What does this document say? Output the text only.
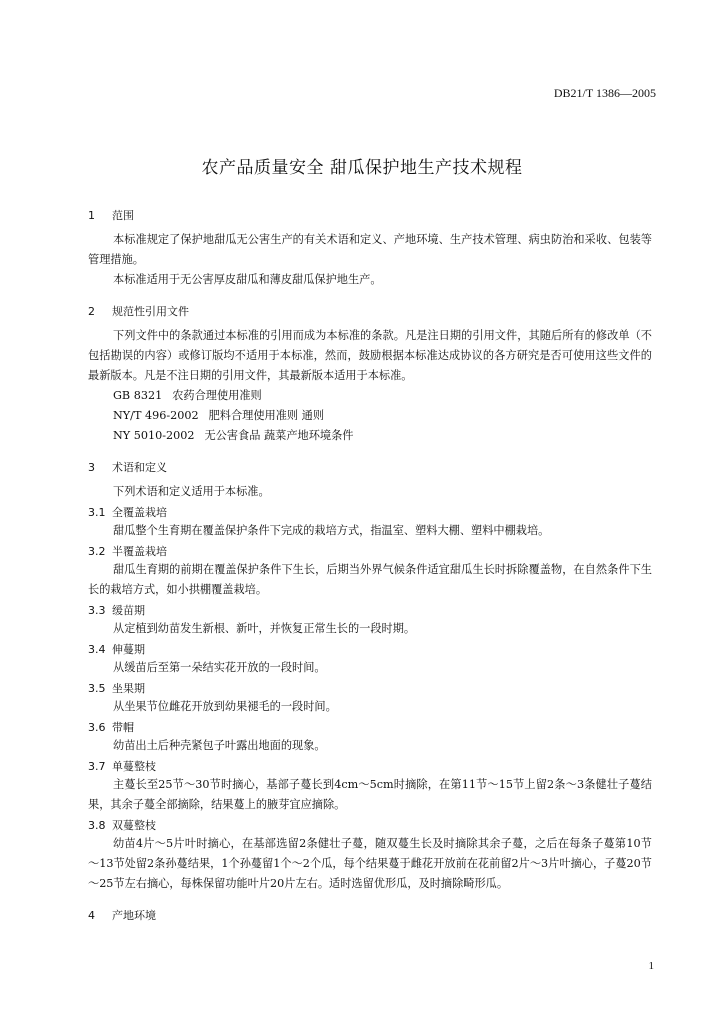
DB21/T 1386—2005
农产品质量安全 甜瓜保护地生产技术规程
1 范围
本标准规定了保护地甜瓜无公害生产的有关术语和定义、产地环境、生产技术管理、病虫防治和采收、包装等管理措施。
本标准适用于无公害厚皮甜瓜和薄皮甜瓜保护地生产。
2 规范性引用文件
下列文件中的条款通过本标准的引用而成为本标准的条款。凡是注日期的引用文件，其随后所有的修改单（不包括勘误的内容）或修订版均不适用于本标准，然而，鼓励根据本标准达成协议的各方研究是否可使用这些文件的最新版本。凡是不注日期的引用文件，其最新版本适用于本标准。
GB 8321 农药合理使用准则
NY/T 496-2002 肥料合理使用准则 通则
NY 5010-2002 无公害食品 蔬菜产地环境条件
3 术语和定义
下列术语和定义适用于本标准。
3.1 全覆盖栽培
甜瓜整个生育期在覆盖保护条件下完成的栽培方式，指温室、塑料大棚、塑料中棚栽培。
3.2 半覆盖栽培
甜瓜生育期的前期在覆盖保护条件下生长，后期当外界气候条件适宜甜瓜生长时拆除覆盖物，在自然条件下生长的栽培方式，如小拱棚覆盖栽培。
3.3 缓苗期
从定植到幼苗发生新根、新叶，并恢复正常生长的一段时期。
3.4 伸蔓期
从缓苗后至第一朵结实花开放的一段时间。
3.5 坐果期
从坐果节位雌花开放到幼果褪毛的一段时间。
3.6 带帽
幼苗出土后种壳紧包子叶露出地面的现象。
3.7 单蔓整枝
主蔓长至25节～30节时摘心，基部子蔓长到4cm～5cm时摘除，在第11节～15节上留2条～3条健壮子蔓结果，其余子蔓全部摘除，结果蔓上的腋芽宜应摘除。
3.8 双蔓整枝
幼苗4片～5片叶时摘心，在基部选留2条健壮子蔓，随双蔓生长及时摘除其余子蔓，之后在每条子蔓第10节～13节处留2条孙蔓结果，1个孙蔓留1个～2个瓜，每个结果蔓于雌花开放前在花前留2片～3片叶摘心，子蔓20节～25节左右摘心，每株保留功能叶片20片左右。适时选留优形瓜，及时摘除畸形瓜。
4 产地环境
1
